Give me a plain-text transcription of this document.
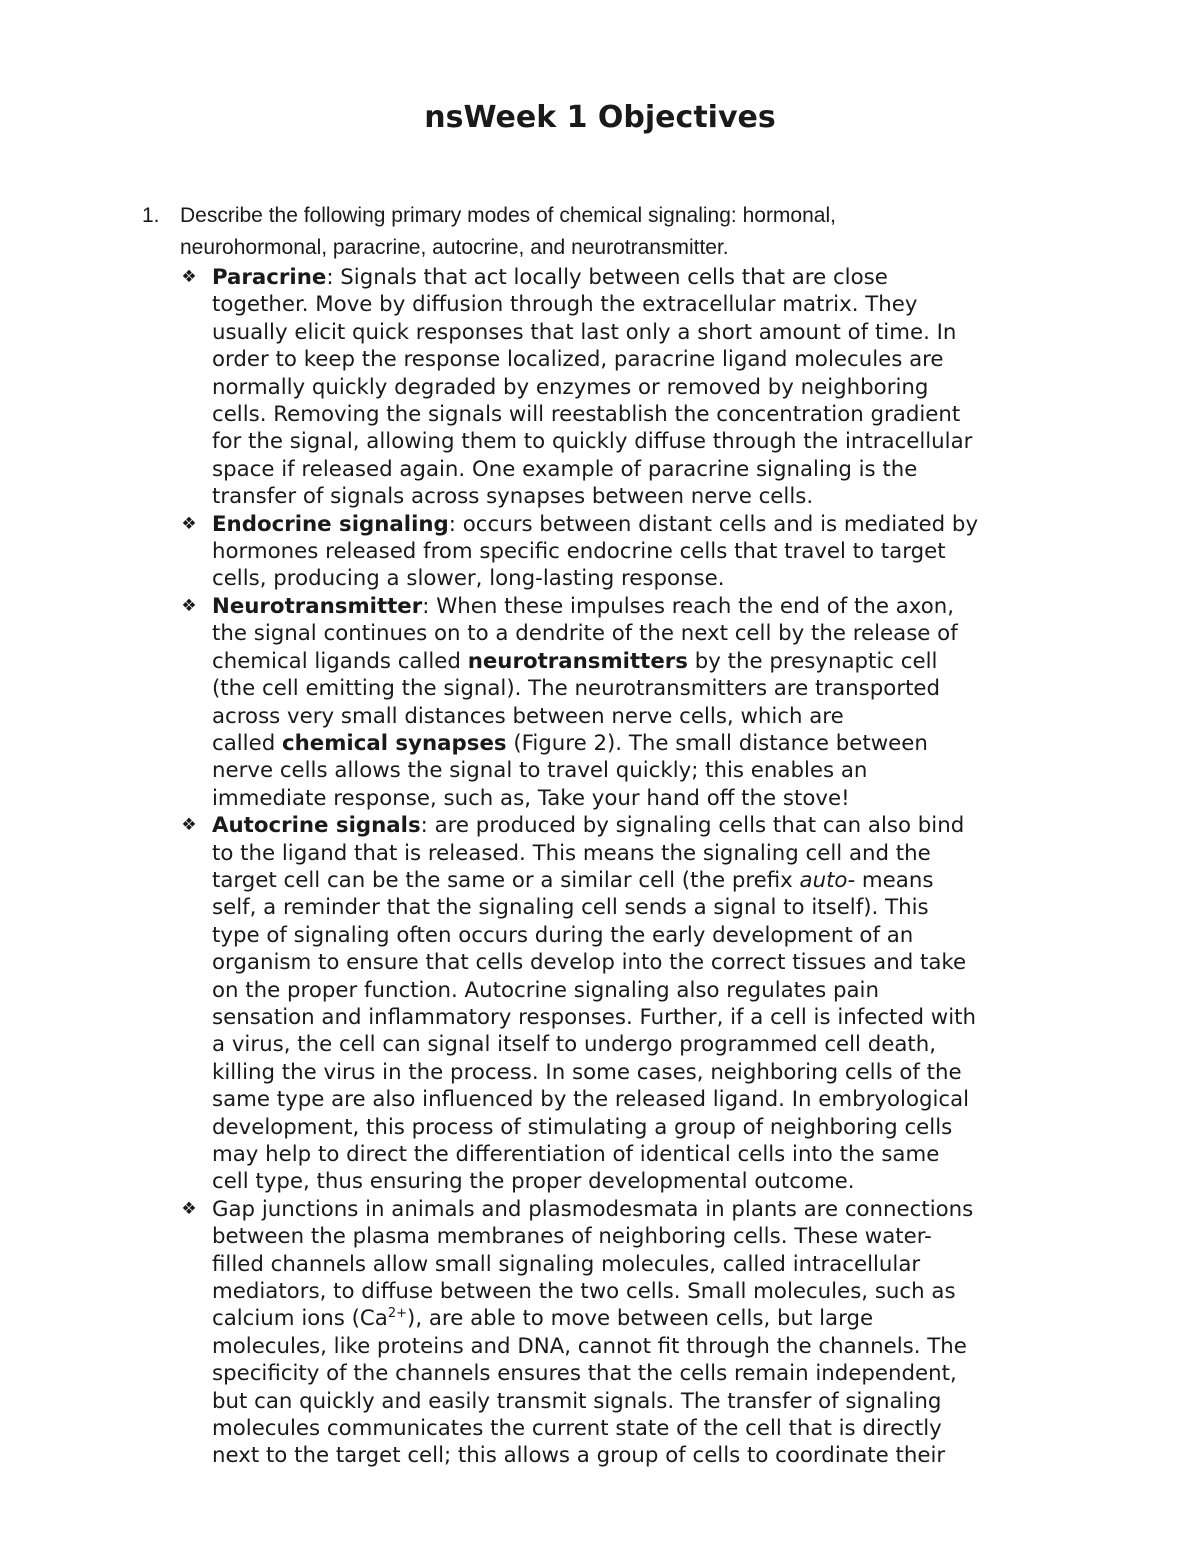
nsWeek 1 Objectives
1. Describe the following primary modes of chemical signaling: hormonal,
neurohormonal, paracrine, autocrine, and neurotransmitter.
❖ Paracrine: Signals that act locally between cells that are close
together. Move by diffusion through the extracellular matrix. They
usually elicit quick responses that last only a short amount of time. In
order to keep the response localized, paracrine ligand molecules are
normally quickly degraded by enzymes or removed by neighboring
cells. Removing the signals will reestablish the concentration gradient
for the signal, allowing them to quickly diffuse through the intracellular
space if released again. One example of paracrine signaling is the
transfer of signals across synapses between nerve cells.

❖ Endocrine signaling: occurs between distant cells and is mediated by
hormones released from specific endocrine cells that travel to target
cells, producing a slower, long-lasting response.

❖ Neurotransmitter: When these impulses reach the end of the axon,
the signal continues on to a dendrite of the next cell by the release of
chemical ligands called neurotransmitters by the presynaptic cell
(the cell emitting the signal). The neurotransmitters are transported
across very small distances between nerve cells, which are
called chemical synapses (Figure 2). The small distance between
nerve cells allows the signal to travel quickly; this enables an
immediate response, such as, Take your hand off the stove!

❖ Autocrine signals: are produced by signaling cells that can also bind
to the ligand that is released. This means the signaling cell and the
target cell can be the same or a similar cell (the prefix auto- means
self, a reminder that the signaling cell sends a signal to itself). This
type of signaling often occurs during the early development of an
organism to ensure that cells develop into the correct tissues and take
on the proper function. Autocrine signaling also regulates pain
sensation and inflammatory responses. Further, if a cell is infected with
a virus, the cell can signal itself to undergo programmed cell death,
killing the virus in the process. In some cases, neighboring cells of the
same type are also influenced by the released ligand. In embryological
development, this process of stimulating a group of neighboring cells
may help to direct the differentiation of identical cells into the same
cell type, thus ensuring the proper developmental outcome.

❖ Gap junctions in animals and plasmodesmata in plants are connections
between the plasma membranes of neighboring cells. These water-
filled channels allow small signaling molecules, called intracellular
mediators, to diffuse between the two cells. Small molecules, such as
calcium ions $(Ca^{2+})$, are able to move between cells, but large
molecules, like proteins and DNA, cannot fit through the channels. The
specificity of the channels ensures that the cells remain independent,
but can quickly and easily transmit signals. The transfer of signaling
molecules communicates the current state of the cell that is directly
next to the target cell; this allows a group of cells to coordinate their
